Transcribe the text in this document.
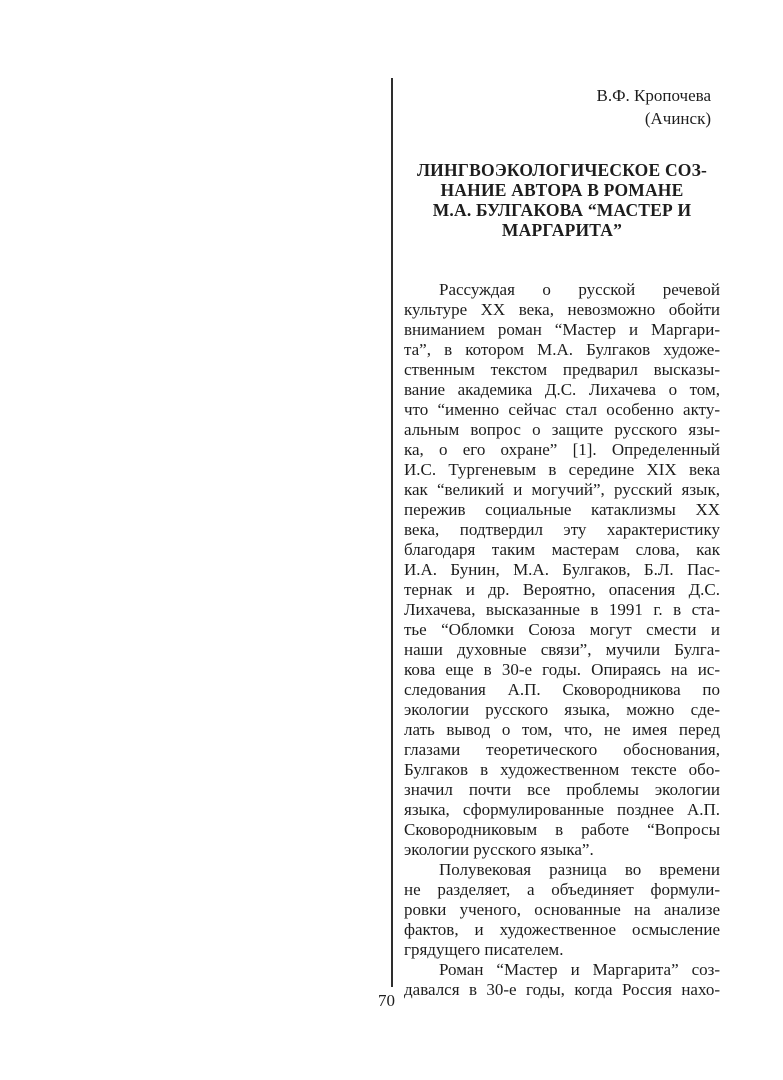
В.Ф. Кропочева
(Ачинск)
ЛИНГВОЭКОЛОГИЧЕСКОЕ СОЗ-
НАНИЕ АВТОРА В РОМАНЕ
М.А. БУЛГАКОВА “МАСТЕР И
МАРГАРИТА”
Рассуждая о русской речевой
культуре XX века, невозможно обойти
вниманием роман “Мастер и Маргари-
та”, в котором М.А. Булгаков художе-
ственным текстом предварил высказы-
вание академика Д.С. Лихачева о том,
что “именно сейчас стал особенно акту-
альным вопрос о защите русского язы-
ка, о его охране” [1]. Определенный
И.С. Тургеневым в середине XIX века
как “великий и могучий”, русский язык,
пережив социальные катаклизмы XX
века, подтвердил эту характеристику
благодаря таким мастерам слова, как
И.А. Бунин, М.А. Булгаков, Б.Л. Пас-
тернак и др. Вероятно, опасения Д.С.
Лихачева, высказанные в 1991 г. в ста-
тье “Обломки Союза могут смести и
наши духовные связи”, мучили Булга-
кова еще в 30-е годы. Опираясь на ис-
следования А.П. Сковородникова по
экологии русского языка, можно сде-
лать вывод о том, что, не имея перед
глазами теоретического обоснования,
Булгаков в художественном тексте обо-
значил почти все проблемы экологии
языка, сформулированные позднее А.П.
Сковородниковым в работе “Вопросы
экологии русского языка”.
Полувековая разница во времени
не разделяет, а объединяет формули-
ровки ученого, основанные на анализе
фактов, и художественное осмысление
грядущего писателем.
Роман “Мастер и Маргарита” соз-
давался в 30-е годы, когда Россия нахо-
70
